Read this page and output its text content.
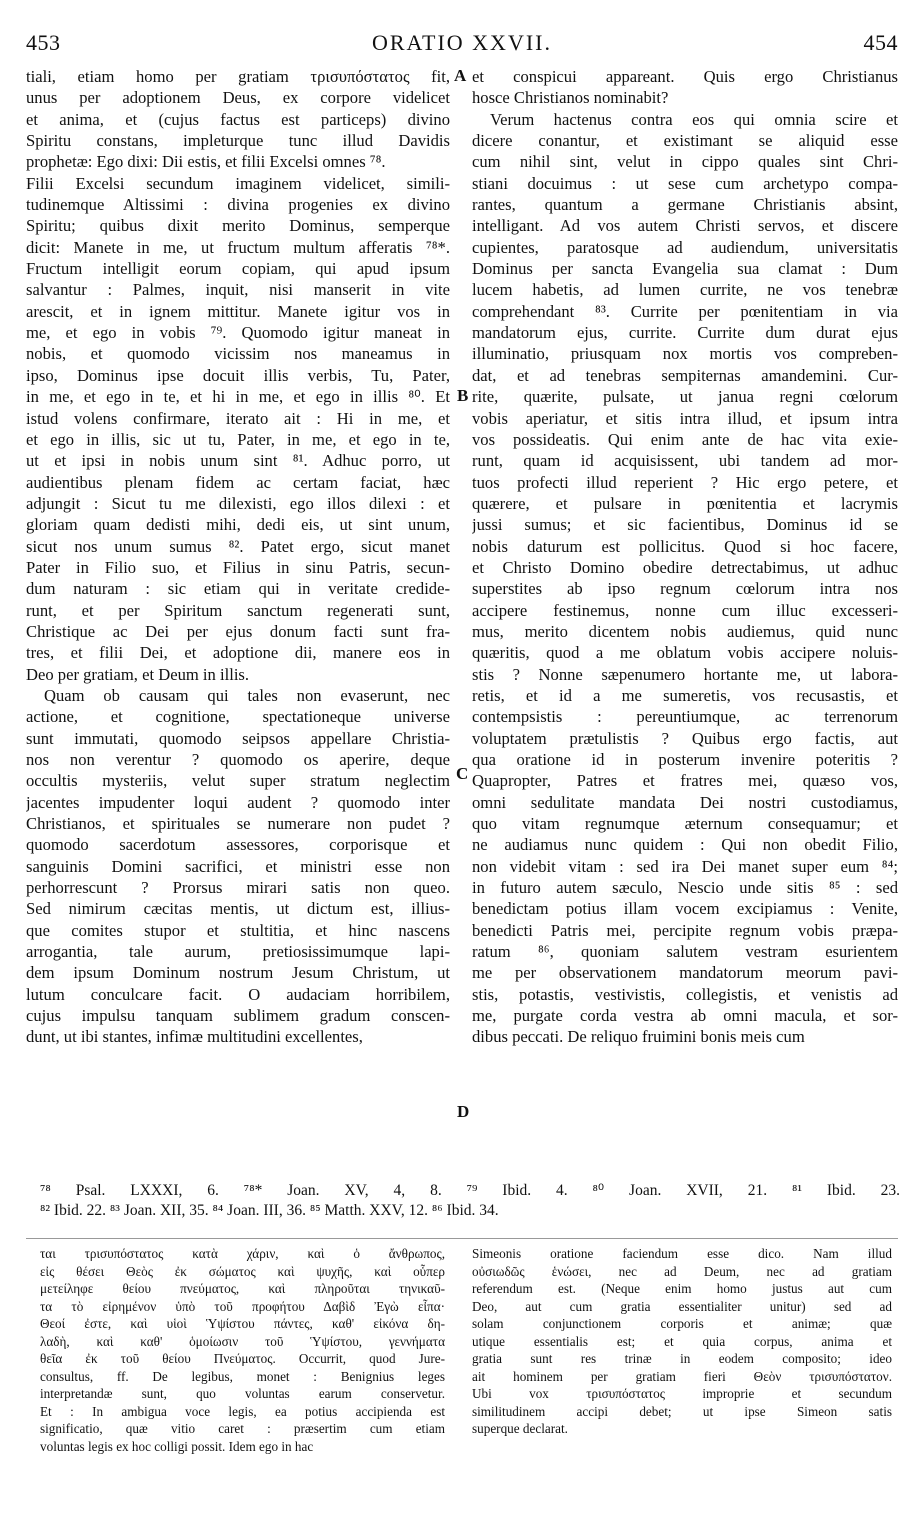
453	ORATIO XXVII.	454
A
B
C
D
tiali, etiam homo per gratiam τρισυπόστατος fit,
unus per adoptionem Deus, ex corpore videlicet
et anima, et (cujus factus est particeps) divino
Spiritu constans, impleturque tunc illud Davidis
prophetæ: Ego dixi: Dii estis, et filii Excelsi omnes ⁷⁸.
Filii Excelsi secundum imaginem videlicet, simili-
tudinemque Altissimi : divina progenies ex divino
Spiritu; quibus dixit merito Dominus, semperque
dicit: Manete in me, ut fructum multum afferatis ⁷⁸*.
Fructum intelligit eorum copiam, qui apud ipsum
salvantur : Palmes, inquit, nisi manserit in vite
arescit, et in ignem mittitur. Manete igitur vos in
me, et ego in vobis ⁷⁹. Quomodo igitur maneat in
nobis, et quomodo vicissim nos maneamus in
ipso, Dominus ipse docuit illis verbis, Tu, Pater,
in me, et ego in te, et hi in me, et ego in illis ⁸⁰. Et
istud volens confirmare, iterato ait : Hi in me, et
et ego in illis, sic ut tu, Pater, in me, et ego in te,
ut et ipsi in nobis unum sint ⁸¹. Adhuc porro, ut
audientibus plenam fidem ac certam faciat, hæc
adjungit : Sicut tu me dilexisti, ego illos dilexi : et
gloriam quam dedisti mihi, dedi eis, ut sint unum,
sicut nos unum sumus ⁸². Patet ergo, sicut manet
Pater in Filio suo, et Filius in sinu Patris, secun-
dum naturam : sic etiam qui in veritate credide-
runt, et per Spiritum sanctum regenerati sunt,
Christique ac Dei per ejus donum facti sunt fra-
tres, et filii Dei, et adoptione dii, manere eos in
Deo per gratiam, et Deum in illis.
Quam ob causam qui tales non evaserunt, nec
actione, et cognitione, spectationeque universe
sunt immutati, quomodo seipsos appellare Christia-
nos non verentur ? quomodo os aperire, deque
occultis mysteriis, velut super stratum neglectim
jacentes impudenter loqui audent ? quomodo inter
Christianos, et spirituales se numerare non pudet ?
quomodo sacerdotum assessores, corporisque et
sanguinis Domini sacrifici, et ministri esse non
perhorrescunt ? Prorsus mirari satis non queo.
Sed nimirum cæcitas mentis, ut dictum est, illius-
que comites stupor et stultitia, et hinc nascens
arrogantia, tale aurum, pretiosissimumque lapi-
dem ipsum Dominum nostrum Jesum Christum, ut
lutum conculcare facit. O audaciam horribilem,
cujus impulsu tanquam sublimem gradum conscen-
dunt, ut ibi stantes, infimæ multitudini excellentes,
et conspicui appareant. Quis ergo Christianus
hosce Christianos nominabit?
Verum hactenus contra eos qui omnia scire et
dicere conantur, et existimant se aliquid esse
cum nihil sint, velut in cippo quales sint Chri-
stiani docuimus : ut sese cum archetypo compa-
rantes, quantum a germane Christianis absint,
intelligant. Ad vos autem Christi servos, et discere
cupientes, paratosque ad audiendum, universitatis
Dominus per sancta Evangelia sua clamat : Dum
lucem habetis, ad lumen currite, ne vos tenebræ
comprehendant ⁸³. Currite per pœnitentiam in via
mandatorum ejus, currite. Currite dum durat ejus
illuminatio, priusquam nox mortis vos compreben-
dat, et ad tenebras sempiternas amandemini. Cur-
rite, quærite, pulsate, ut janua regni cœlorum
vobis aperiatur, et sitis intra illud, et ipsum intra
vos possideatis. Qui enim ante de hac vita exie-
runt, quam id acquisissent, ubi tandem ad mor-
tuos profecti illud reperient ? Hic ergo petere, et
quærere, et pulsare in pœnitentia et lacrymis
jussi sumus; et sic facientibus, Dominus id se
nobis daturum est pollicitus. Quod si hoc facere,
et Christo Domino obedire detrectabimus, ut adhuc
superstites ab ipso regnum cœlorum intra nos
accipere festinemus, nonne cum illuc excesseri-
mus, merito dicentem nobis audiemus, quid nunc
quæritis, quod a me oblatum vobis accipere noluis-
stis ? Nonne sæpenumero hortante me, ut labora-
retis, et id a me sumeretis, vos recusastis, et
contempsistis : pereuntiumque, ac terrenorum
voluptatem prætulistis ? Quibus ergo factis, aut
qua oratione id in posterum invenire poteritis ?
Quapropter, Patres et fratres mei, quæso vos,
omni sedulitate mandata Dei nostri custodiamus,
quo vitam regnumque æternum consequamur; et
ne audiamus nunc quidem : Qui non obedit Filio,
non videbit vitam : sed ira Dei manet super eum ⁸⁴;
in futuro autem sæculo, Nescio unde sitis ⁸⁵ : sed
benedictam potius illam vocem excipiamus : Venite,
benedicti Patris mei, percipite regnum vobis præpa-
ratum ⁸⁶, quoniam salutem vestram esurientem
me per observationem mandatorum meorum pavi-
stis, potastis, vestivistis, collegistis, et venistis ad
me, purgate corda vestra ab omni macula, et sor-
dibus peccati. De reliquo fruimini bonis meis cum
⁷⁸ Psal. LXXXI, 6. ⁷⁸* Joan. XV, 4, 8. ⁷⁹ Ibid. 4. ⁸⁰ Joan. XVII, 21. ⁸¹ Ibid. 23.
⁸² Ibid. 22. ⁸³ Joan. XII, 35. ⁸⁴ Joan. III, 36. ⁸⁵ Matth. XXV, 12. ⁸⁶ Ibid. 34.
ται τρισυπόστατος κατὰ χάριν, καὶ ὁ ἄνθρωπος,
εἰς θέσει Θεὸς ἐκ σώματος καὶ ψυχῆς, καὶ οὗπερ
μετείληφε θείου πνεύματος, καὶ πληροῦται τηνικαῦ-
τα τὸ εἰρημένον ὑπὸ τοῦ προφήτου Δαβὶδ Ἐγὼ εἶπα·
Θεοί ἐστε, καὶ υἱοὶ Ὑψίστου πάντες, καθ' εἰκόνα δη-
λαδὴ, καὶ καθ' ὁμοίωσιν τοῦ Ὑψίστου, γεννήματα
θεῖα ἐκ τοῦ θείου Πνεύματος. Occurrit, quod Jure-
consultus, ff. De legibus, monet : Benignius leges
interpretandæ sunt, quo voluntas earum conservetur.
Et : In ambigua voce legis, ea potius accipienda est
significatio, quæ vitio caret : præsertim cum etiam
voluntas legis ex hoc colligi possit. Idem ego in hac
Simeonis oratione faciendum esse dico. Nam illud
οὐσιωδῶς ἑνώσει, nec ad Deum, nec ad gratiam
referendum est. (Neque enim homo justus aut cum
Deo, aut cum gratia essentialiter unitur) sed ad
solam conjunctionem corporis et animæ; quæ
utique essentialis est; et quia corpus, anima et
gratia sunt res trinæ in eodem composito; ideo
ait hominem per gratiam fieri Θεὸν τρισυπόστατον.
Ubi vox τρισυπόστατος improprie et secundum
similitudinem accipi debet; ut ipse Simeon satis
superque declarat.
